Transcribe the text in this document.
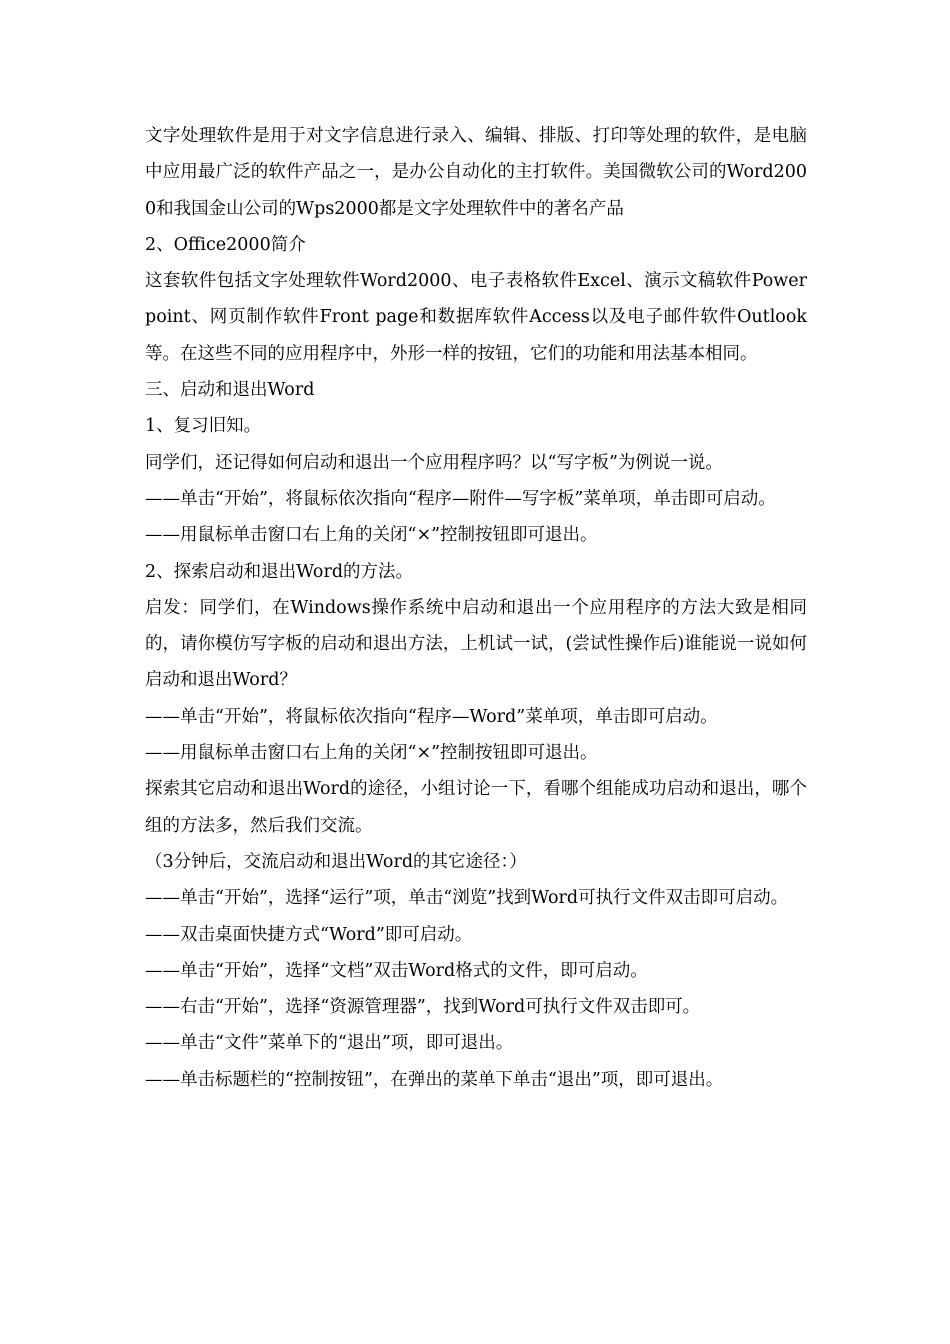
文字处理软件是用于对文字信息进行录入、编辑、排版、打印等处理的软件，是电脑中应用最广泛的软件产品之一，是办公自动化的主打软件。美国微软公司的Word2000和我国金山公司的Wps2000都是文字处理软件中的著名产品

2、Office2000简介

这套软件包括文字处理软件Word2000、电子表格软件Excel、演示文稿软件Power point、网页制作软件Front page和数据库软件Access以及电子邮件软件Outlook等。在这些不同的应用程序中，外形一样的按钮，它们的功能和用法基本相同。

三、启动和退出Word

1、复习旧知。

同学们，还记得如何启动和退出一个应用程序吗？以“写字板”为例说一说。

——单击“开始”，将鼠标依次指向“程序—附件—写字板”菜单项，单击即可启动。

——用鼠标单击窗口右上角的关闭“×”控制按钮即可退出。

2、探索启动和退出Word的方法。

启发：同学们，在Windows操作系统中启动和退出一个应用程序的方法大致是相同的，请你模仿写字板的启动和退出方法，上机试一试，(尝试性操作后)谁能说一说如何启动和退出Word？

——单击“开始”，将鼠标依次指向“程序—Word”菜单项，单击即可启动。

——用鼠标单击窗口右上角的关闭“×”控制按钮即可退出。

探索其它启动和退出Word的途径，小组讨论一下，看哪个组能成功启动和退出，哪个组的方法多，然后我们交流。

（3分钟后，交流启动和退出Word的其它途径：）

——单击“开始”，选择“运行”项，单击“浏览”找到Word可执行文件双击即可启动。

——双击桌面快捷方式“Word”即可启动。

——单击“开始”，选择“文档”双击Word格式的文件，即可启动。

——右击“开始”，选择“资源管理器”，找到Word可执行文件双击即可。

——单击“文件”菜单下的“退出”项，即可退出。

——单击标题栏的“控制按钮”，在弹出的菜单下单击“退出”项，即可退出。
